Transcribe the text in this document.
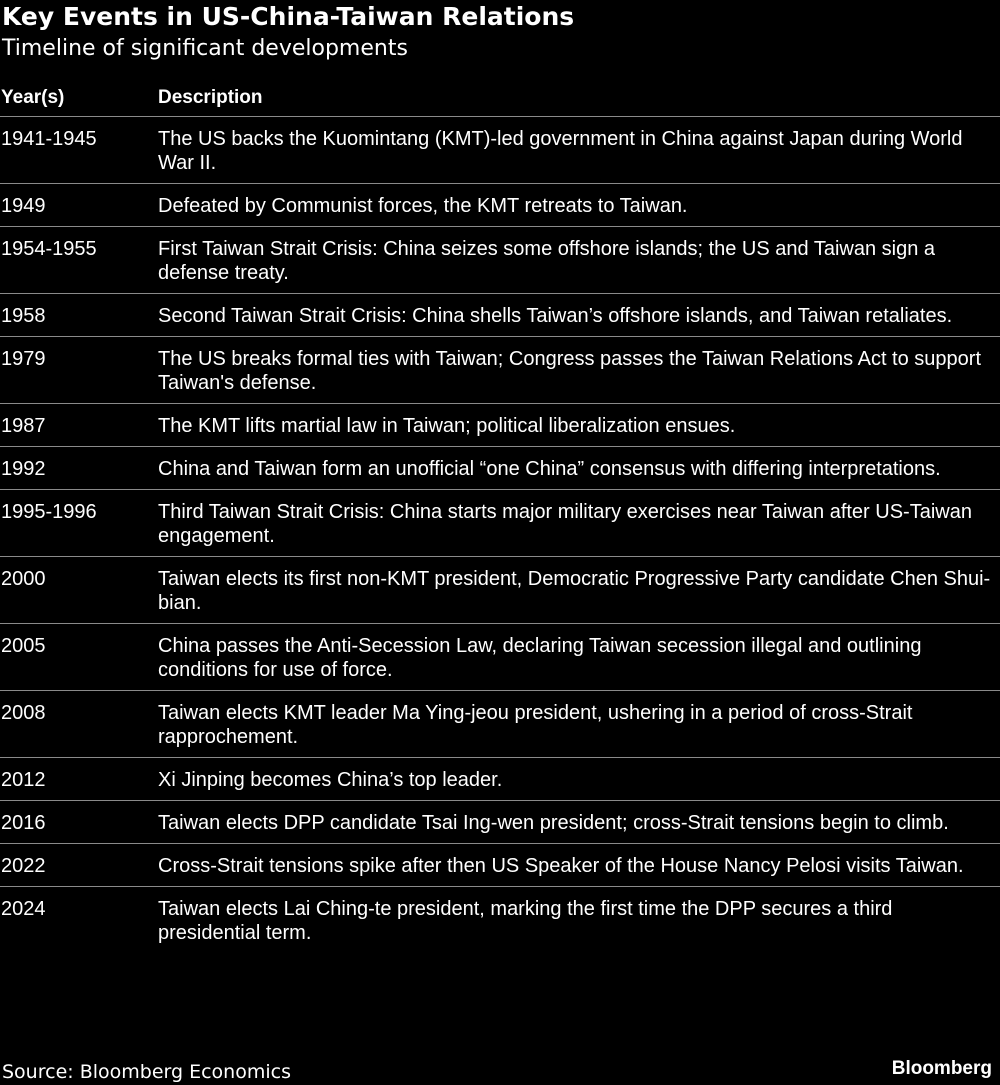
Key Events in US-China-Taiwan Relations
Timeline of significant developments
Year(s)	Description
1941-1945	The US backs the Kuomintang (KMT)-led government in China against Japan during World War II.
1949	Defeated by Communist forces, the KMT retreats to Taiwan.
1954-1955	First Taiwan Strait Crisis: China seizes some offshore islands; the US and Taiwan sign a defense treaty.
1958	Second Taiwan Strait Crisis: China shells Taiwan’s offshore islands, and Taiwan retaliates.
1979	The US breaks formal ties with Taiwan; Congress passes the Taiwan Relations Act to support Taiwan's defense.
1987	The KMT lifts martial law in Taiwan; political liberalization ensues.
1992	China and Taiwan form an unofficial “one China” consensus with differing interpretations.
1995-1996	Third Taiwan Strait Crisis: China starts major military exercises near Taiwan after US-Taiwan engagement.
2000	Taiwan elects its first non-KMT president, Democratic Progressive Party candidate Chen Shui-bian.
2005	China passes the Anti-Secession Law, declaring Taiwan secession illegal and outlining conditions for use of force.
2008	Taiwan elects KMT leader Ma Ying-jeou president, ushering in a period of cross-Strait rapprochement.
2012	Xi Jinping becomes China’s top leader.
2016	Taiwan elects DPP candidate Tsai Ing-wen president; cross-Strait tensions begin to climb.
2022	Cross-Strait tensions spike after then US Speaker of the House Nancy Pelosi visits Taiwan.
2024	Taiwan elects Lai Ching-te president, marking the first time the DPP secures a third presidential term.
Source: Bloomberg Economics	Bloomberg
